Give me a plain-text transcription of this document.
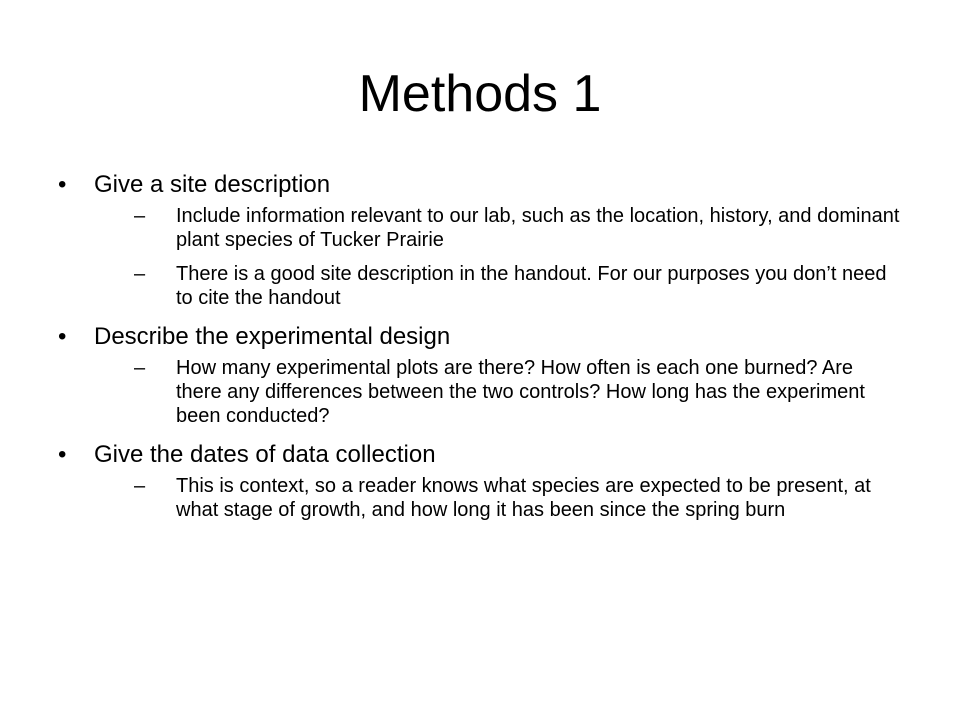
Methods 1
•	Give a site description
–	Include information relevant to our lab, such as the location, history, and dominant plant species of Tucker Prairie
–	There is a good site description in the handout. For our purposes you don’t need to cite the handout
•	Describe the experimental design
–	How many experimental plots are there? How often is each one burned? Are there any differences between the two controls? How long has the experiment been conducted?
•	Give the dates of data collection
–	This is context, so a reader knows what species are expected to be present, at what stage of growth, and how long it has been since the spring burn
